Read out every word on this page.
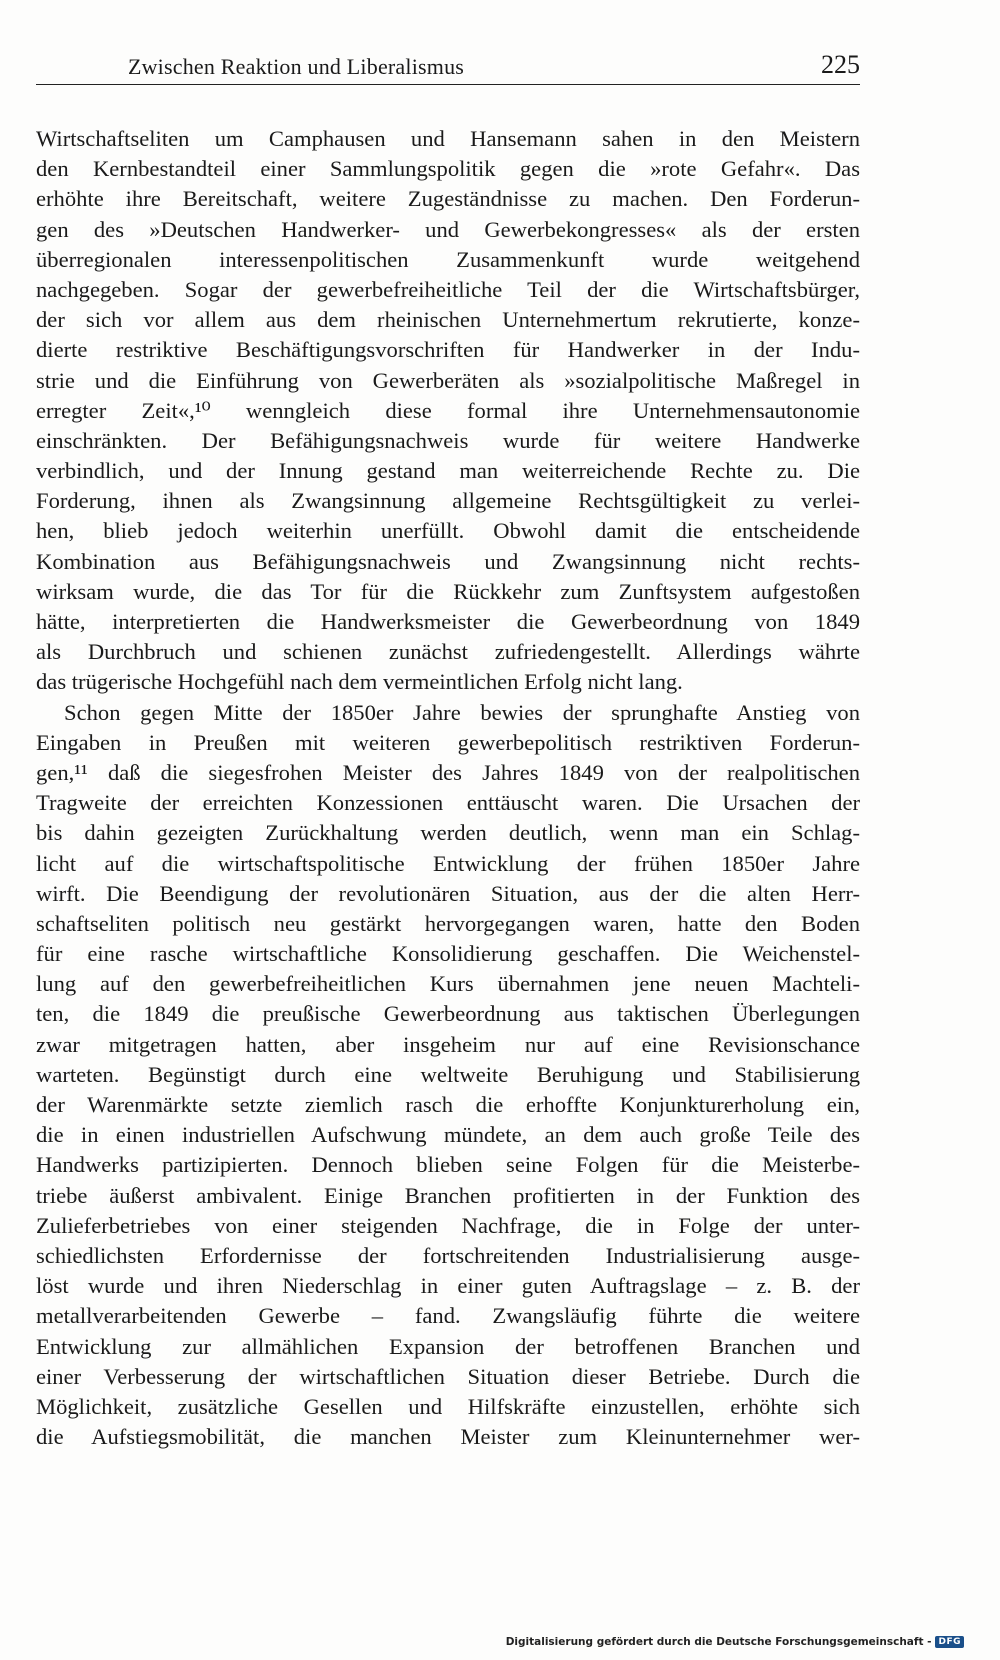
Zwischen Reaktion und Liberalismus	225
Wirtschaftseliten um Camphausen und Hansemann sahen in den Meistern
den Kernbestandteil einer Sammlungspolitik gegen die »rote Gefahr«. Das
erhöhte ihre Bereitschaft, weitere Zugeständnisse zu machen. Den Forderun-
gen des »Deutschen Handwerker- und Gewerbekongresses« als der ersten
überregionalen interessenpolitischen Zusammenkunft wurde weitgehend
nachgegeben. Sogar der gewerbefreiheitliche Teil der die Wirtschaftsbürger,
der sich vor allem aus dem rheinischen Unternehmertum rekrutierte, konze-
dierte restriktive Beschäftigungsvorschriften für Handwerker in der Indu-
strie und die Einführung von Gewerberäten als »sozialpolitische Maßregel in
erregter Zeit«,¹⁰ wenngleich diese formal ihre Unternehmensautonomie
einschränkten. Der Befähigungsnachweis wurde für weitere Handwerke
verbindlich, und der Innung gestand man weiterreichende Rechte zu. Die
Forderung, ihnen als Zwangsinnung allgemeine Rechtsgültigkeit zu verlei-
hen, blieb jedoch weiterhin unerfüllt. Obwohl damit die entscheidende
Kombination aus Befähigungsnachweis und Zwangsinnung nicht rechts-
wirksam wurde, die das Tor für die Rückkehr zum Zunftsystem aufgestoßen
hätte, interpretierten die Handwerksmeister die Gewerbeordnung von 1849
als Durchbruch und schienen zunächst zufriedengestellt. Allerdings währte
das trügerische Hochgefühl nach dem vermeintlichen Erfolg nicht lang.
Schon gegen Mitte der 1850er Jahre bewies der sprunghafte Anstieg von
Eingaben in Preußen mit weiteren gewerbepolitisch restriktiven Forderun-
gen,¹¹ daß die siegesfrohen Meister des Jahres 1849 von der realpolitischen
Tragweite der erreichten Konzessionen enttäuscht waren. Die Ursachen der
bis dahin gezeigten Zurückhaltung werden deutlich, wenn man ein Schlag-
licht auf die wirtschaftspolitische Entwicklung der frühen 1850er Jahre
wirft. Die Beendigung der revolutionären Situation, aus der die alten Herr-
schaftseliten politisch neu gestärkt hervorgegangen waren, hatte den Boden
für eine rasche wirtschaftliche Konsolidierung geschaffen. Die Weichenstel-
lung auf den gewerbefreiheitlichen Kurs übernahmen jene neuen Machteli-
ten, die 1849 die preußische Gewerbeordnung aus taktischen Überlegungen
zwar mitgetragen hatten, aber insgeheim nur auf eine Revisionschance
warteten. Begünstigt durch eine weltweite Beruhigung und Stabilisierung
der Warenmärkte setzte ziemlich rasch die erhoffte Konjunkturerholung ein,
die in einen industriellen Aufschwung mündete, an dem auch große Teile des
Handwerks partizipierten. Dennoch blieben seine Folgen für die Meisterbe-
triebe äußerst ambivalent. Einige Branchen profitierten in der Funktion des
Zulieferbetriebes von einer steigenden Nachfrage, die in Folge der unter-
schiedlichsten Erfordernisse der fortschreitenden Industrialisierung ausge-
löst wurde und ihren Niederschlag in einer guten Auftragslage – z. B. der
metallverarbeitenden Gewerbe – fand. Zwangsläufig führte die weitere
Entwicklung zur allmählichen Expansion der betroffenen Branchen und
einer Verbesserung der wirtschaftlichen Situation dieser Betriebe. Durch die
Möglichkeit, zusätzliche Gesellen und Hilfskräfte einzustellen, erhöhte sich
die Aufstiegsmobilität, die manchen Meister zum Kleinunternehmer wer-
Digitalisierung gefördert durch die Deutsche Forschungsgemeinschaft - DFG
